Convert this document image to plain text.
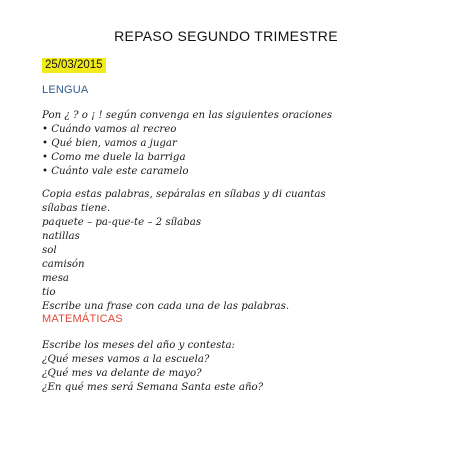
REPASO SEGUNDO TRIMESTRE
25/03/2015
LENGUA
Pon ¿ ? o ¡ ! según convenga en las siguientes oraciones
• Cuándo vamos al recreo
• Qué bien, vamos a jugar
• Como me duele la barriga
• Cuánto vale este caramelo
Copia estas palabras, sepáralas en sílabas y di cuantas
sílabas tiene.
paquete – pa-que-te – 2 sílabas
natillas
sol
camisón
mesa
tio
Escribe una frase con cada una de las palabras.
MATEMÁTICAS
Escribe los meses del año y contesta:
¿Qué meses vamos a la escuela?
¿Qué mes va delante de mayo?
¿En qué mes será Semana Santa este año?
